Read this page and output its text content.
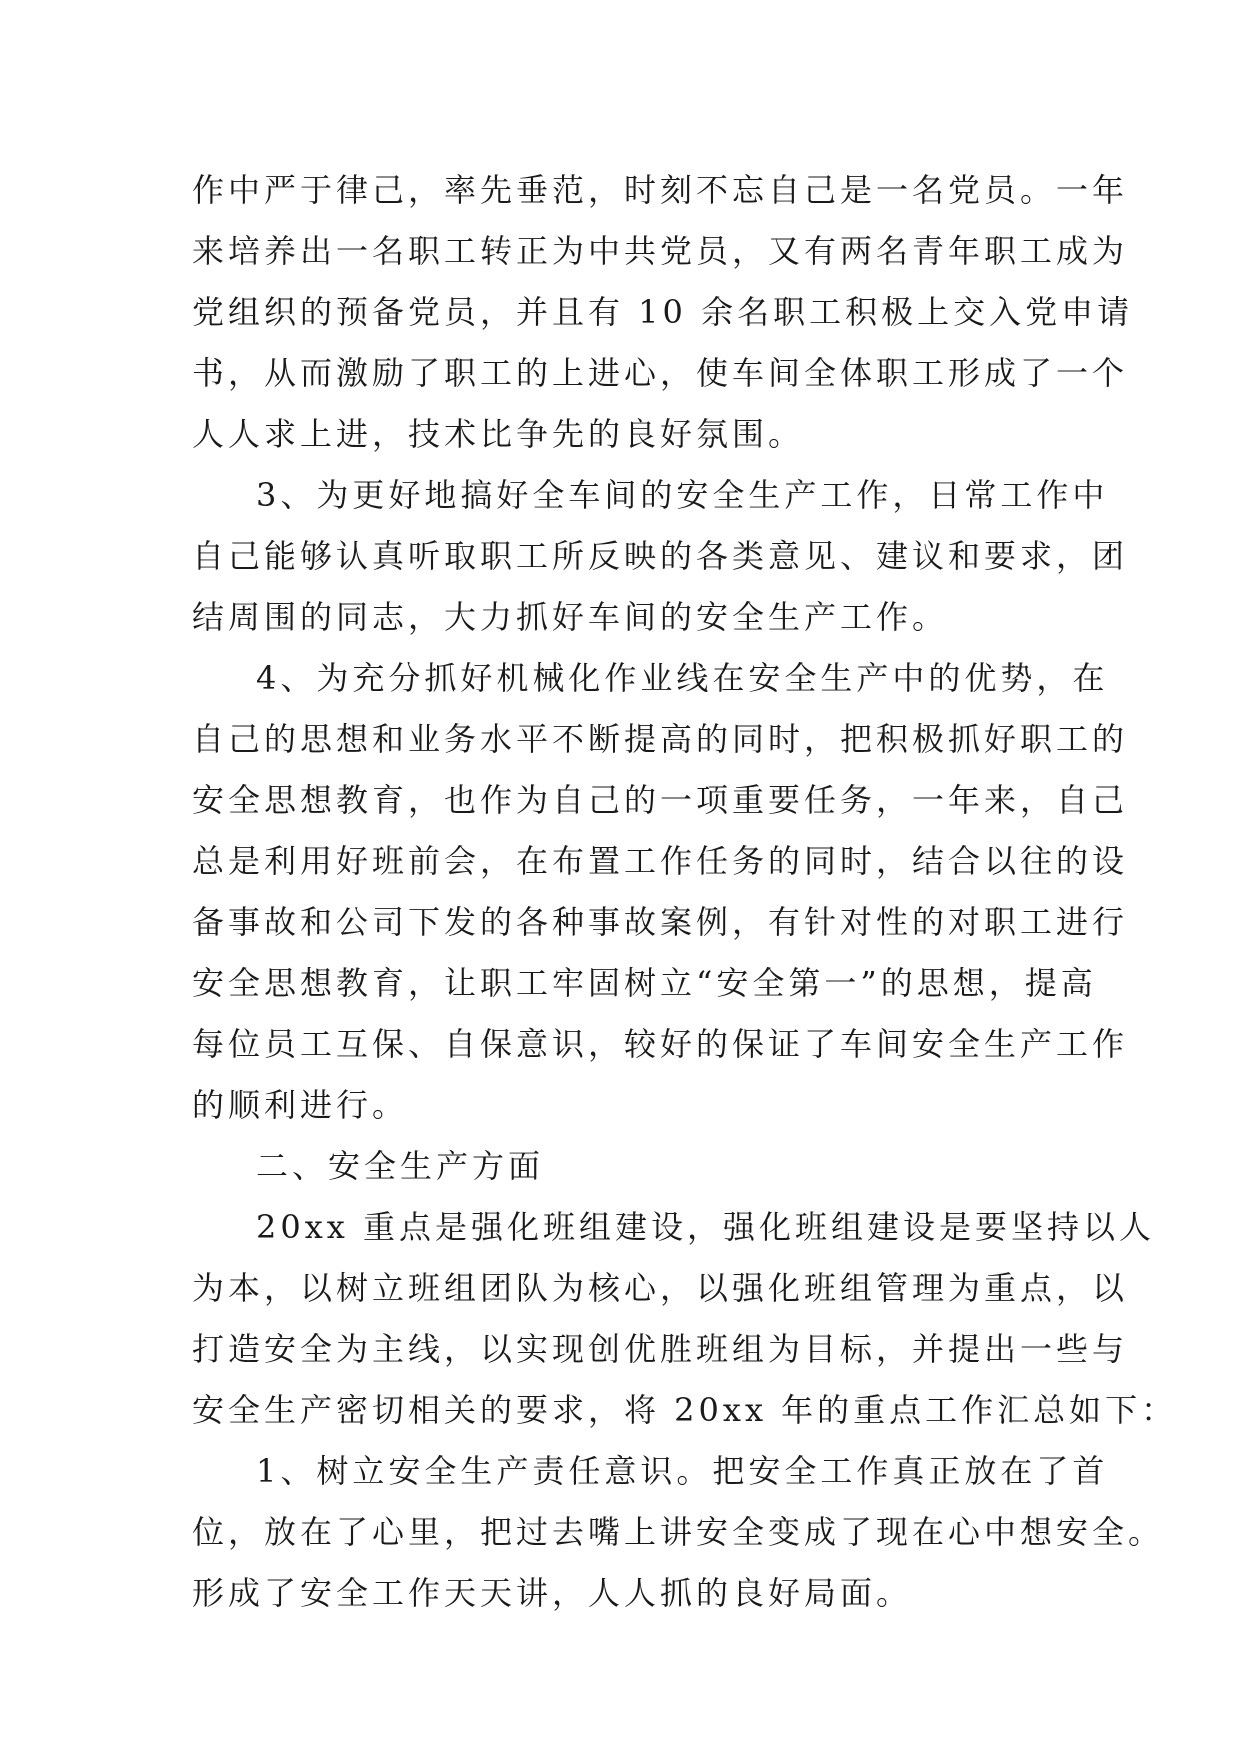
作中严于律己，率先垂范，时刻不忘自己是一名党员。一年
来培养出一名职工转正为中共党员，又有两名青年职工成为
党组织的预备党员，并且有 10 余名职工积极上交入党申请
书，从而激励了职工的上进心，使车间全体职工形成了一个
人人求上进，技术比争先的良好氛围。
3、为更好地搞好全车间的安全生产工作，日常工作中
自己能够认真听取职工所反映的各类意见、建议和要求，团
结周围的同志，大力抓好车间的安全生产工作。
4、为充分抓好机械化作业线在安全生产中的优势，在
自己的思想和业务水平不断提高的同时，把积极抓好职工的
安全思想教育，也作为自己的一项重要任务，一年来，自己
总是利用好班前会，在布置工作任务的同时，结合以往的设
备事故和公司下发的各种事故案例，有针对性的对职工进行
安全思想教育，让职工牢固树立“安全第一”的思想，提高
每位员工互保、自保意识，较好的保证了车间安全生产工作
的顺利进行。
二、安全生产方面
20xx 重点是强化班组建设，强化班组建设是要坚持以人
为本，以树立班组团队为核心，以强化班组管理为重点，以
打造安全为主线，以实现创优胜班组为目标，并提出一些与
安全生产密切相关的要求，将 20xx 年的重点工作汇总如下：
1、树立安全生产责任意识。把安全工作真正放在了首
位，放在了心里，把过去嘴上讲安全变成了现在心中想安全。
形成了安全工作天天讲，人人抓的良好局面。
